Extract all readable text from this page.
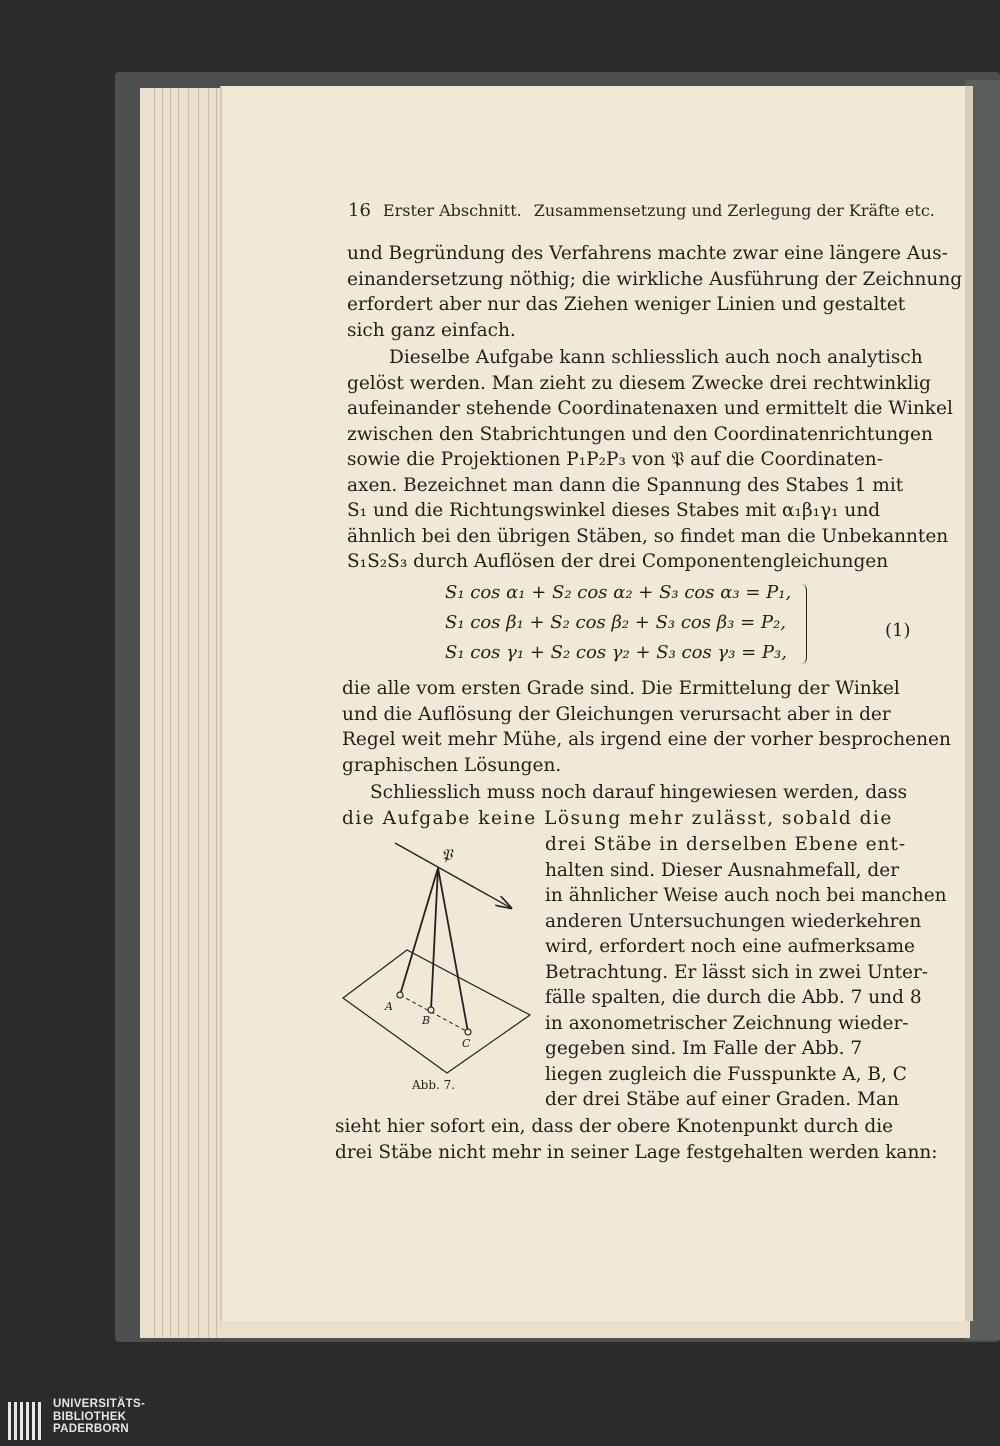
16 Erster Abschnitt. Zusammensetzung und Zerlegung der Kräfte etc.
und Begründung des Verfahrens machte zwar eine längere Aus-
einandersetzung nöthig; die wirkliche Ausführung der Zeichnung
erfordert aber nur das Ziehen weniger Linien und gestaltet
sich ganz einfach.
Dieselbe Aufgabe kann schliesslich auch noch analytisch
gelöst werden. Man zieht zu diesem Zwecke drei rechtwinklig
aufeinander stehende Coordinatenaxen und ermittelt die Winkel
zwischen den Stabrichtungen und den Coordinatenrichtungen
sowie die Projektionen P₁P₂P₃ von 𝔓 auf die Coordinaten-
axen. Bezeichnet man dann die Spannung des Stabes 1 mit
S₁ und die Richtungswinkel dieses Stabes mit α₁β₁γ₁ und
ähnlich bei den übrigen Stäben, so findet man die Unbekannten
S₁S₂S₃ durch Auflösen der drei Componentengleichungen
S₁ cos α₁ + S₂ cos α₂ + S₃ cos α₃ = P₁,
S₁ cos β₁ + S₂ cos β₂ + S₃ cos β₃ = P₂,
S₁ cos γ₁ + S₂ cos γ₂ + S₃ cos γ₃ = P₃,
(1)
die alle vom ersten Grade sind. Die Ermittelung der Winkel
und die Auflösung der Gleichungen verursacht aber in der
Regel weit mehr Mühe, als irgend eine der vorher besprochenen
graphischen Lösungen.
Schliesslich muss noch darauf hingewiesen werden, dass
die Aufgabe keine Lösung mehr zulässt, sobald die
drei Stäbe in derselben Ebene ent-
halten sind. Dieser Ausnahmefall, der
in ähnlicher Weise auch noch bei manchen
anderen Untersuchungen wiederkehren
wird, erfordert noch eine aufmerksame
Betrachtung. Er lässt sich in zwei Unter-
fälle spalten, die durch die Abb. 7 und 8
in axonometrischer Zeichnung wieder-
gegeben sind. Im Falle der Abb. 7
liegen zugleich die Fusspunkte A, B, C
der drei Stäbe auf einer Graden. Man
sieht hier sofort ein, dass der obere Knotenpunkt durch die
drei Stäbe nicht mehr in seiner Lage festgehalten werden kann:
𝔓
A
B
C
Abb. 7.
UNIVERSITÄTS-
BIBLIOTHEK
PADERBORN
